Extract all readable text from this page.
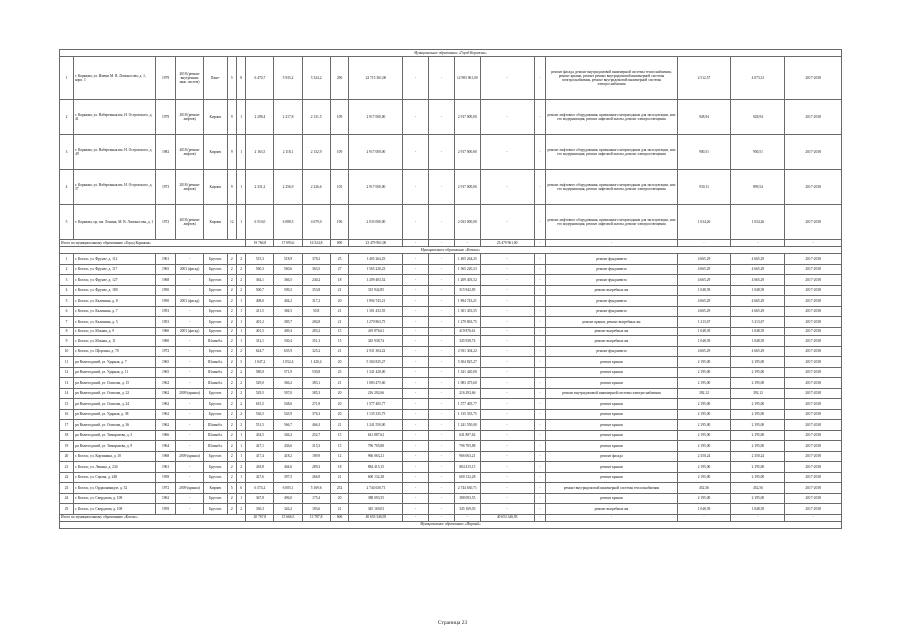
Муниципальное образование «Город Коряжма»																				
1	г. Коряжма, ул. Имени М. В. Ломоносова, д. 1, корп. 1	1979	2018 (ремонт внутренних инж. систем)	Пане-	5	8	6 470,7	5 935,2	5 324,2	296	22 715 361,00	-	-	12 983 961,00	-	-	ремонт фасада, ремонт внутридомовой инженерной системы теплоснабжения, ремонт крыши, ремонт ремонт внутридомовой инженерной системы электроснабжения, ремонт внутридомовой инженерной системы электроснабжения	2 512,57	4 073,31	2017-2018
2	г. Коряжма, ул. Набережная им. Н. Островского, д. 41	1979	2018 (ремонт лифтов)	Кирпич	9	1	2 298,4	2 217,8	2 131,5	109	2 917 000,00	-	-	2 917 000,00	-	-	ремонт лифтового оборудования, признанного непригодным для эксплуатации, или его модернизация, ремонт лифтовой шахты, ремонт электроосвещения	928,94	928,94	2017-2018
3	г. Коряжма, ул. Набережная им. Н. Островского, д. 49	1982	2018 (ремонт лифтов)	Кирпич	9	1	2 163,5	2 118,1	2 132,9	109	2 917 000,00	-	-	2 917 000,00	-	-	ремонт лифтового оборудования, признанного непригодным для эксплуатации, или его модернизация, ремонт лифтовой шахты, ремонт электроосвещения	900,51	900,51	2017-2018
4	г. Коряжма, ул. Набережная им. Н. Островского, д. 57	1973	2018 (ремонт лифтов)	Кирпич	9	1	2 331,2	2 256,9	2 226,6	105	2 917 000,00	-	-	2 917 000,00	-	-	ремонт лифтового оборудования, признанного непригодным для эксплуатации, или его модернизация, ремонт лифтовой шахты, ремонт электроосвещения	930,11	899,54	2017-2018
5	г. Коряжма, пр. им. Ленина, М. В. Ломоносова, д. 1	1972	2018 (ремонт лифтов)	Кирпич	12	1	6 510,0	6 088,5	4 679,0	196	2 033 000,00	-	-	2 033 000,00	-	-	ремонт лифтового оборудования, признанного непригодным для эксплуатации, или его модернизация, ремонт лифтовой шахты, ремонт электроосвещения	1 034,26	1 034,26	2017-2018
Итого по муниципальному образованию «Город Коряжма»							19 766,8	17 093,6	16 524,8	690	23 479 961,00	-	-	-	23 479 961,00	-	-	-	-	-
Муниципальное образование «Котлас»																				
1	г. Котлас, ул. Фрунзе, д. 112	1961	-	Брусчат.	2	2	515,3	518,9	378,2	25	1 405 264,25	-	-	1 405 264,25	-	-	ремонт фундамента	4 665,29	4 665,29	2017-2018
2	г. Котлас, ул. Фрунзе, д. 117	1965	2001 (фасад)	Брусчат.	2	2	560,3	560,6	363,5	27	1 565 220,23	-	-	1 565 220,23	-	-	ремонт фундамента	4 665,29	4 665,29	2017-2018
3	г. Котлас, ул. Фрунзе, д. 127	1968	-	Брусчат.	2	2	364,1	366,5	240,2	18	1 209 403,52	-	-	1 209 403,52	-	-	ремонт фундамента	4 665,29	4 665,29	2017-2018
4	г. Котлас, ул. Фрунзе, д. 180	1950	-	Брусчат.	2	2	506,7	509,2	353,8	21	315 942,85	-	-	315 942,85	-	-	ремонт выгребных ям	1 048,39	1 048,39	2017-2018
5	г. Котлас, ул. Калинина, д. 8	1950	2001 (фасад)	Брусчат.	2	1	408,0	404,2	317,2	20	1 894 743,21	-	-	1 894 743,21	-	-	ремонт фундамента	4 665,29	4 665,29	2017-2018
6	г. Котлас, ул. Калинина, д. 7	1953	-	Брусчат.	2	1	411,5	384,5	50,8	21	1 301 433,55	-	-	1 301 433,55	-	-	ремонт фундамента	4 665,29	4 665,29	2017-2018
7	г. Котлас, ул. Калинина, д. 5	1953	-	Брусчат.	2	1	401,2	385,7	284,8	21	1 279 863,75	-	-	1 279 863,75	-	-	ремонт крыши, ремонт выгребных ям	1 213,67	3 213,67	2017-2018
8	г. Котлас, ул. Южная, д. 9	1960	2001 (фасад)	Брусчат.	2	1	401,5	409,4	283,2	15	419 876,61	-	-	419 876,61	-	-	ремонт выгребных ям	1 048,39	1 048,39	2017-2018
9	г. Котлас, ул. Южная, д. 11	1960	-	Шлакобл.	2	1	312,1	330,4	351,3	15	345 938,74	-	-	345 938,74	-	-	ремонт выгребных ям	1 048,39	1 048,39	2017-2018
10	г. Котлас, ул. Щорсина, д. 70	1972	-	Брусчат.	2	2	624,7	635,9	325,2	21	2 931 304,22	-	-	2 931 304,22	-	-	ремонт фундамента	4 665,29	4 665,29	2017-2018
11	рп Вычегодский, ул. Ударная, д. 7	1965	-	Шлакобл.	2	3	1 047,2	1 052,4	1 420,4	20	5 304 825,27	-	-	5 304 825,27	-	-	ремонт крыши	2 195,00	2 195,00	2017-2018
12	рп Вычегодский, ул. Ударная, д. 11	1965	-	Шлакобл.	2	2	580,0	571,9	530,8	25	1 341 420,00	-	-	1 341 420,00	-	-	ремонт крыши	2 195,00	2 195,00	2017-2018
13	рп Вычегодский, ул. Осипова, д. 15	1962	-	Шлакобл.	2	2	529,0	366,2	383,1	21	1 083 475,60	-	-	1 083 475,60	-	-	ремонт крыши	2 195,00	2 195,00	2017-2018
14	рп Вычегодский, ул. Осипова, д. 22	1962	2009 (крыша)	Брусчат.	2	2	529,5	507,0	385,3	20	216 292,66	-	-	216 292,66	-	-	ремонт внутридомовой инженерной системы электроснабжения	392,12	392,12	2017-2018
15	рп Вычегодский, ул. Осипова, д. 24	1962	-	Брусчат.	2	2	615,5	548,6	271,8	20	1 577 405,77	-	-	1 577 405,77	-	-	ремонт крыши	2 195,00	2 195,00	2017-2018
16	рп Вычегодский, ул. Ударная, д. 38	1962	-	Брусчат.	2	2	536,5	545,9	376,3	20	1 135 335,75	-	-	1 135 335,75	-	-	ремонт крыши	2 195,00	2 195,00	2017-2018
17	рп Вычегодский, ул. Осипова, д. 36	1962	-	Шлакобл.	2	2	551,5	566,7	466,3	21	1 241 550,00	-	-	1 241 550,00	-	-	ремонт крыши	2 195,00	2 195,00	2017-2018
18	рп Вычегодский, ул. Тимирязева, д. 5	1966	-	Шлакобл.	2	1	434,5	346,2	252,7	15	641 887,62	-	-	641 887,62	-	-	ремонт крыши	2 195,00	2 195,00	2017-2018
19	рп Вычегодский, ул. Тимирязева, д. 9	1964	-	Шлакобл.	2	1	427,1	436,6	315,3	15	796 705,88	-	-	796 705,88	-	-	ремонт крыши	2 195,00	2 195,00	2017-2018
20	г. Котлас, ул. Корзинина, д. 10	1968	2009 (крыша)	Брусчат.	2	1	417,4	418,2	189,9	12	966 063,21	-	-	966 063,21	-	-	ремонт фасада	2 350,24	2 350,24	2017-2018
21	г. Котлас, ул. Ленина, д. 234	1961	-	Брусчат.	2	2	418,8	404,6	289,3	18	884 415,15	-	-	884 415,15	-	-	ремонт крыши	2 195,00	2 195,00	2017-2018
22	г. Котлас, ул. Серова, д. 248	1958	-	Брусчат.	2	1	427,6	397,5	266,9	21	600 132,28	-	-	600 132,28	-	-	ремонт крыши	2 195,00	2 195,00	2017-2018
23	г. Котлас, ул. Орджоникидзе, д. 52	1972	2009 (крыша)	Кирпич	5	6	6 574,2	6 005,1	5 169,6	252	2 744 630,71	-	-	2 744 630,71	-	-	ремонт внутридомовой инженерной системы теплоснабжения	452,56	452,56	2017-2018
24	г. Котлас, ул. Свердлова, д. 108	1962	-	Брусчат.	2	1	367,8	496,0	175,4	20	388 093,55	-	-	388 093,55	-	-	ремонт крыши	2 195,00	2 195,00	2017-2018
25	г. Котлас, ул. Свердлова, д. 108	1959	-	Брусчат.	2	2	336,3	326,2	183,6	21	345 169,03	-	-	345 169,03	-	-	ремонт выгребных ям	1 048,39	1 048,39	2017-2018
Итого по муниципальному образованию «Котлас»							20 767,8	15 666,5	13 787,8	606	40 653 346,95	-	-	-	40 653 346,95	-	-	-	-	-
Муниципальное образование «Мирный»																				
Страница 23
